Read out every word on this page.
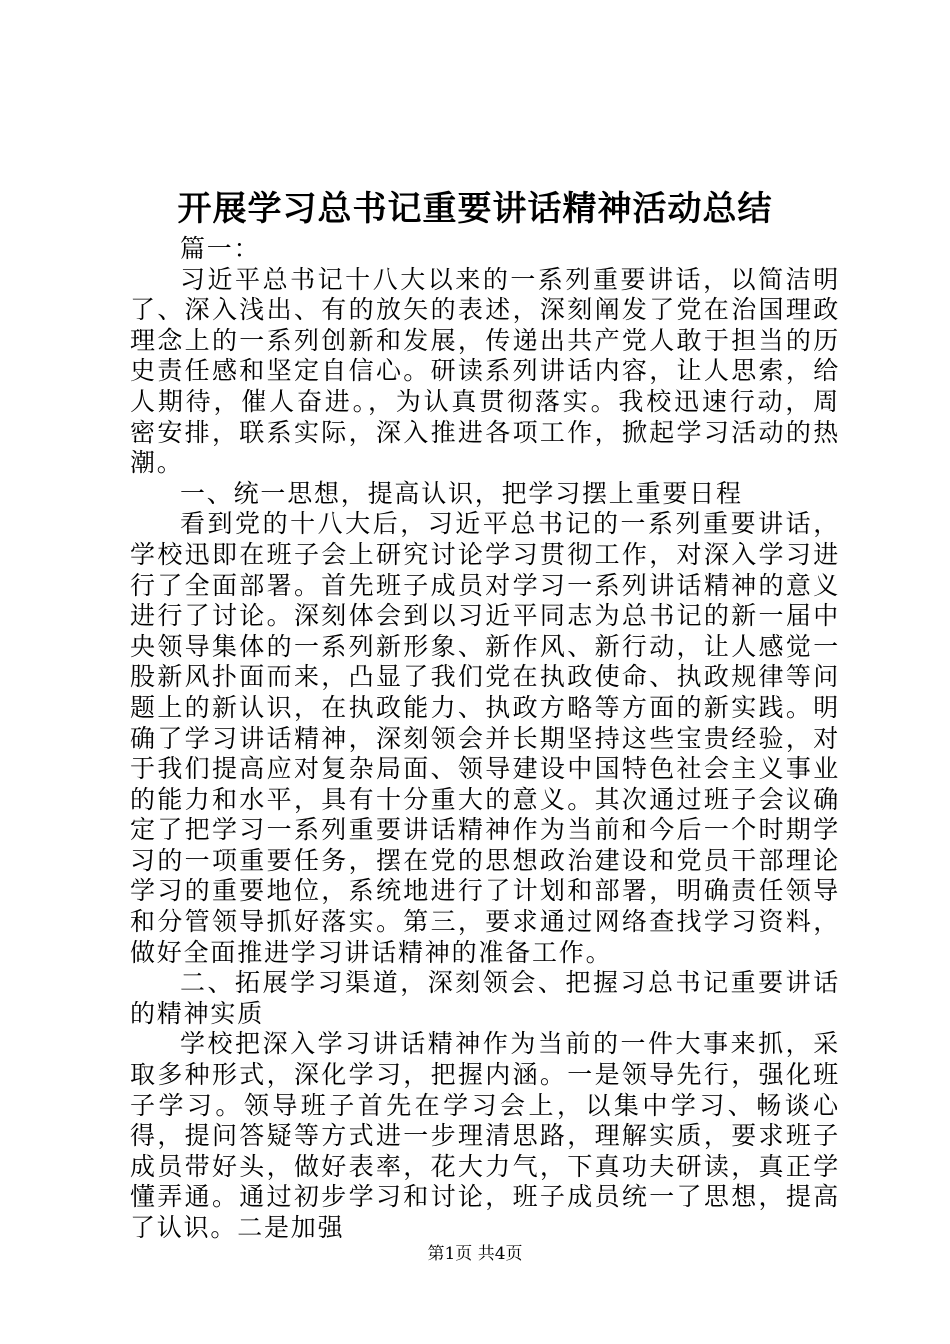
开展学习总书记重要讲话精神活动总结

篇一：

习近平总书记十八大以来的一系列重要讲话，以简洁明了、深入浅出、有的放矢的表述，深刻阐发了党在治国理政理念上的一系列创新和发展，传递出共产党人敢于担当的历史责任感和坚定自信心。研读系列讲话内容，让人思索，给人期待，催人奋进。，为认真贯彻落实。我校迅速行动，周密安排，联系实际，深入推进各项工作，掀起学习活动的热潮。

一、统一思想，提高认识，把学习摆上重要日程

看到党的十八大后，习近平总书记的一系列重要讲话，学校迅即在班子会上研究讨论学习贯彻工作，对深入学习进行了全面部署。首先班子成员对学习一系列讲话精神的意义进行了讨论。深刻体会到以习近平同志为总书记的新一届中央领导集体的一系列新形象、新作风、新行动，让人感觉一股新风扑面而来，凸显了我们党在执政使命、执政规律等问题上的新认识，在执政能力、执政方略等方面的新实践。明确了学习讲话精神，深刻领会并长期坚持这些宝贵经验，对于我们提高应对复杂局面、领导建设中国特色社会主义事业的能力和水平，具有十分重大的意义。其次通过班子会议确定了把学习一系列重要讲话精神作为当前和今后一个时期学习的一项重要任务，摆在党的思想政治建设和党员干部理论学习的重要地位，系统地进行了计划和部署，明确责任领导和分管领导抓好落实。第三，要求通过网络查找学习资料，做好全面推进学习讲话精神的准备工作。

二、拓展学习渠道，深刻领会、把握习总书记重要讲话的精神实质

学校把深入学习讲话精神作为当前的一件大事来抓，采取多种形式，深化学习，把握内涵。一是领导先行，强化班子学习。领导班子首先在学习会上，以集中学习、畅谈心得，提问答疑等方式进一步理清思路，理解实质，要求班子成员带好头，做好表率，花大力气，下真功夫研读，真正学懂弄通。通过初步学习和讨论，班子成员统一了思想，提高了认识。二是加强

第1页 共4页
